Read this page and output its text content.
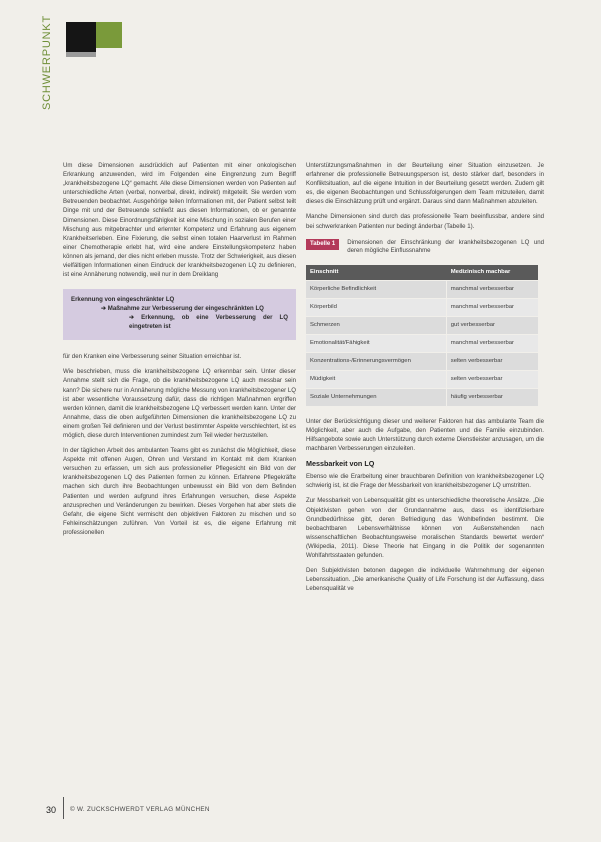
SCHWERPUNKT

Um diese Dimensionen ausdrücklich auf Patienten mit einer onkologischen Erkrankung anzuwenden, wird im Folgenden eine Eingrenzung zum Begriff „krankheitsbezogene LQ“ gemacht. Alle diese Dimensionen werden von Patienten auf unterschiedliche Arten (verbal, nonverbal, direkt, indirekt) mitgeteilt. Sie werden vom Betreuenden beobachtet. Ausgehörige teilen Informationen mit, der Patient selbst teilt Dinge mit und der Betreuende schließt aus diesen Informationen, ob er genannte Dimensionen. Diese Einordnungsfähigkeit ist eine Mischung in sozialen Berufen einer Mischung aus mitgebrachter und erlernter Kompetenz und Erfahrung aus eigenem Krankheitserleben. Eine Fixierung, die selbst einen totalen Haarverlust im Rahmen einer Chemotherapie erlebt hat, wird eine andere Einstellungskompetenz haben können als jemand, der dies nicht erleben musste. Trotz der Schwierigkeit, aus diesen vielfältigen Informationen einen Eindruck der krankheitsbezogenen LQ zu definieren, ist eine Annäherung notwendig, weil nur in dem Dreiklang

Erkennung von eingeschränkter LQ
➔ Maßnahme zur Verbesserung der eingeschränkten LQ
➔ Erkennung, ob eine Verbesserung der LQ eingetreten ist

für den Kranken eine Verbesserung seiner Situation erreichbar ist.

Wie beschrieben, muss die krankheitsbezogene LQ erkennbar sein. Unter dieser Annahme stellt sich die Frage, ob die krankheitsbezogene LQ auch messbar sein kann? Die sichere nur in Annäherung mögliche Messung von krankheitsbezogener LQ ist aber wesentliche Voraussetzung dafür, dass die richtigen Maßnahmen ergriffen werden können, damit die krankheitsbezogene LQ verbessert werden kann. Unter der Annahme, dass die oben aufgeführten Dimensionen die krankheitsbezogene LQ zu einem großen Teil definieren und der Verlust bestimmter Aspekte verschlechtert, ist es möglich, diese durch Interventionen zumindest zum Teil wieder herzustellen.

In der täglichen Arbeit des ambulanten Teams gibt es zunächst die Möglichkeit, diese Aspekte mit offenen Augen, Ohren und Verstand im Kontakt mit dem Kranken versuchen zu erfassen, um sich aus professioneller Pflegesicht ein Bild von der krankheitsbezogenen LQ des Patienten formen zu können. Erfahrene Pflegekräfte machen sich durch ihre Beobachtungen unbewusst ein Bild von dem Befinden Patienten und werden aufgrund ihres Erfahrungen versuchen, diese Aspekte anzusprechen und Veränderungen zu bewirken. Dieses Vorgehen hat aber stets die Gefahr, die eigene Sicht vermischt den objektiven Faktoren zu mischen und so Fehleinschätzungen zuführen. Von Vorteil ist es, die eigene Erfahrung mit professionellen

Unterstützungsmaßnahmen in der Beurteilung einer Situation einzusetzen. Je erfahrener die professionelle Betreuungsperson ist, desto stärker darf, besonders in Konfliktsituation, auf die eigene Intuition in der Beurteilung gesetzt werden. Zudem gilt es, die eigenen Beobachtungen und Schlussfolgerungen dem Team mitzuteilen, damit dieses die Einschätzung prüft und ergänzt. Daraus sind dann Maßnahmen abzuleiten.

Manche Dimensionen sind durch das professionelle Team beeinflussbar, andere sind bei schwerkranken Patienten nur bedingt änderbar (Tabelle 1).

Tabelle 1	Dimensionen der Einschränkung der krankheitsbezogenen LQ und deren mögliche Einflussnahme
Einschnitt	Medizinisch machbar
Körperliche Befindlichkeit	manchmal verbesserbar
Körperbild	manchmal verbesserbar
Schmerzen	gut verbesserbar
Emotionalität/Fähigkeit	manchmal verbesserbar
Konzentrations-/Erinnerungsvermögen	selten verbesserbar
Müdigkeit	selten verbesserbar
Soziale Unternehmungen	häufig verbesserbar

Unter der Berücksichtigung dieser und weiterer Faktoren hat das ambulante Team die Möglichkeit, aber auch die Aufgabe, den Patienten und die Familie einzubinden. Hilfsangebote sowie auch Unterstützung durch externe Dienstleister anzusagen, um die machbaren Verbesserungen einzuleiten.

Messbarkeit von LQ

Ebenso wie die Erarbeitung einer brauchbaren Definition von krankheitsbezogener LQ schwierig ist, ist die Frage der Messbarkeit von krankheitsbezogener LQ umstritten.

Zur Messbarkeit von Lebensqualität gibt es unterschiedliche theoretische Ansätze. „Die Objektivisten gehen von der Grundannahme aus, dass es identifizierbare Grundbedürfnisse gibt, deren Befriedigung das Wohlbefinden bestimmt. Die beobachtbaren Lebensverhältnisse können von Außenstehenden nach wissenschaftlichen Beobachtungsweise moralischen Standards bewertet werden“ (Wikipedia, 2011). Diese Theorie hat Eingang in die Politik der sogenannten Wohlfahrtsstaaten gefunden.

Den Subjektivisten betonen dagegen die individuelle Wahrnehmung der eigenen Lebenssituation. „Die amerikanische Quality of Life Forschung ist der Auffassung, dass Lebensqualität ve

30 © W. ZUCKSCHWERDT VERLAG MÜNCHEN
